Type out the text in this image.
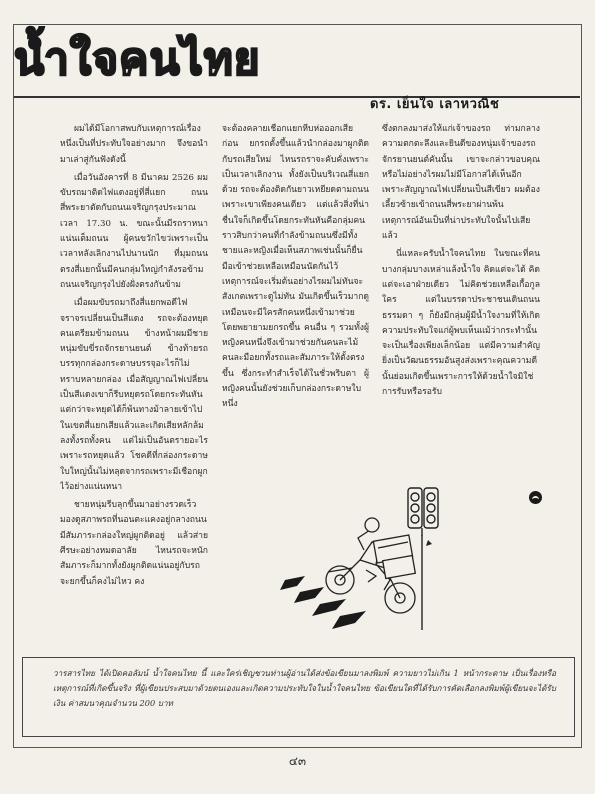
น้ำใจคนไทย
ดร. เย็นใจ เลาหวณิช

ผมได้มีโอกาสพบกับเหตุการณ์เรื่องหนึ่งเป็นที่ประทับใจอย่างมาก จึงขอนำมาเล่าสู่กันฟังดังนี้

เมื่อวันอังคารที่ 8 มีนาคม 2526 ผมขับรถมาติดไฟแดงอยู่ที่สี่แยก ถนนสี่พระยาตัดกับถนนเจริญกรุงประมาณเวลา 17.30 น. ขณะนั้นมีรถราหนาแน่นเต็มถนน ผู้คนขวักไขว่เพราะเป็นเวลาหลังเลิกงานไปนานนัก ที่มุมถนนตรงสี่แยกนั้นมีคนกลุ่มใหญ่กำลังรอข้ามถนนเจริญกรุงไปยังฝั่งตรงกันข้าม

เมื่อผมขับรถมาถึงสี่แยกพอดีไฟจราจรเปลี่ยนเป็นสีแดง รถจะต้องหยุดคนเตรียมข้ามถนน ข้างหน้าผมมีชายหนุ่มขับขี่รถจักรยานยนต์ ข้างท้ายรถบรรทุกกล่องกระดาษบรรจุอะไรก็ไม่ทราบหลายกล่อง เมื่อสัญญาณไฟเปลี่ยนเป็นสีแดงเขาก็รีบหยุดรถโดยกระทันหัน แต่กว่าจะหยุดได้ก็พ้นทางม้าลายเข้าไปในเขตสี่แยกเสียแล้วและเกิดเสียหลักล้มลงทั้งรถทั้งคน แต่ไม่เป็นอันตรายอะไรเพราะรถหยุดแล้ว โชคดีที่กล่องกระดาษใบใหญ่นั้นไม่หลุดจากรถเพราะมีเชือกผูกไว้อย่างแน่นหนา

ชายหนุ่มรีบลุกขึ้นมาอย่างรวดเร็ว มองดูสภาพรถที่นอนตะแคงอยู่กลางถนนมีสัมภาระกล่องใหญ่ผูกติดอยู่ แล้วส่ายศีรษะอย่างหมดอาลัย ไหนรถจะหนักสัมภาระก็มากทั้งยังผูกติดแน่นอยู่กับรถ จะยกขึ้นก็คงไม่ไหว คง

จะต้องคลายเชือกแยกหีบห่อออกเสียก่อน ยกรถตั้งขึ้นแล้วนำกล่องมาผูกติดกับรถเสียใหม่ ไหนรถราจะคับคั่งเพราะเป็นเวลาเลิกงาน ทั้งยังเป็นบริเวณสี่แยกด้วย รถจะต้องติดกันยาวเหยียดตามถนนเพราะเขาเพียงคนเดียว แต่แล้วสิ่งที่น่าชื่นใจก็เกิดขึ้นโดยกระทันหันคือกลุ่มคนราวสิบกว่าคนที่กำลังข้ามถนนซึ่งมีทั้งชายและหญิงเมื่อเห็นสภาพเช่นนั้นก็ยื่นมือเข้าช่วยเหลือเหมือนนัดกันไว้ เหตุการณ์จะเริ่มต้นอย่างไรผมไม่ทันจะสังเกตเพราะดูไม่ทัน มันเกิดขึ้นเร็วมากดูเหมือนจะมีใครสักคนหนึ่งเข้ามาช่วยโดยพยายามยกรถขึ้น คนอื่น ๆ รวมทั้งผู้หญิงคนหนึ่งจึงเข้ามาช่วยกันคนละไม้คนละมือยกทั้งรถและสัมภาระให้ตั้งตรงขึ้น ซึ่งกระทำสำเร็จได้ในชั่วพริบตา ผู้หญิงคนนั้นยังช่วยเก็บกล่องกระดาษใบหนึ่ง

ซึ่งตกลงมาส่งให้แก่เจ้าของรถ ท่ามกลางความตกตะลึงและยินดีของหนุ่มเจ้าของรถจักรยานยนต์คันนั้น เขาจะกล่าวขอบคุณหรือไม่อย่างไรผมไม่มีโอกาสได้เห็นอีก เพราะสัญญาณไฟเปลี่ยนเป็นสีเขียว ผมต้องเลี้ยวซ้ายเข้าถนนสี่พระยาผ่านพ้นเหตุการณ์อันเป็นที่น่าประทับใจนั้นไปเสียแล้ว

นี่แหละครับน้ำใจคนไทย ในขณะที่คนบางกลุ่มบางเหล่าแล้งน้ำใจ คิดแต่จะได้ คิดแต่จะเอาฝ่ายเดียว ไม่คิดช่วยเหลือเกื้อกูลใคร แต่ในบรรดาประชาชนเดินถนนธรรมดา ๆ ก็ยังมีกลุ่มผู้มีน้ำใจงามที่ให้เกิดความประทับใจแก่ผู้พบเห็นแม้ว่ากระทำนั้นจะเป็นเรื่องเพียงเล็กน้อย แต่มีความสำคัญยิ่งเป็นวัฒนธรรมอันสูงส่งเพราะคุณความดีนั้นย่อมเกิดขึ้นเพราะการให้ด้วยน้ำใจมิใช่การรับหรือรอรับ

วารสารไทย ได้เปิดคอลัมน์ น้ำใจคนไทย นี้ และใคร่เชิญชวนท่านผู้อ่านได้ส่งข้อเขียนมาลงพิมพ์ ความยาวไม่เกิน 1 หน้ากระดาษ เป็นเรื่องหรือเหตุการณ์ที่เกิดขึ้นจริง ที่ผู้เขียนประสบมาด้วยตนเองและเกิดความประทับใจในน้ำใจคนไทย ข้อเขียนใดที่ได้รับการคัดเลือกลงพิมพ์ผู้เขียนจะได้รับเงิน ค่าสมนาคุณจำนวน 200 บาท
๔๓
